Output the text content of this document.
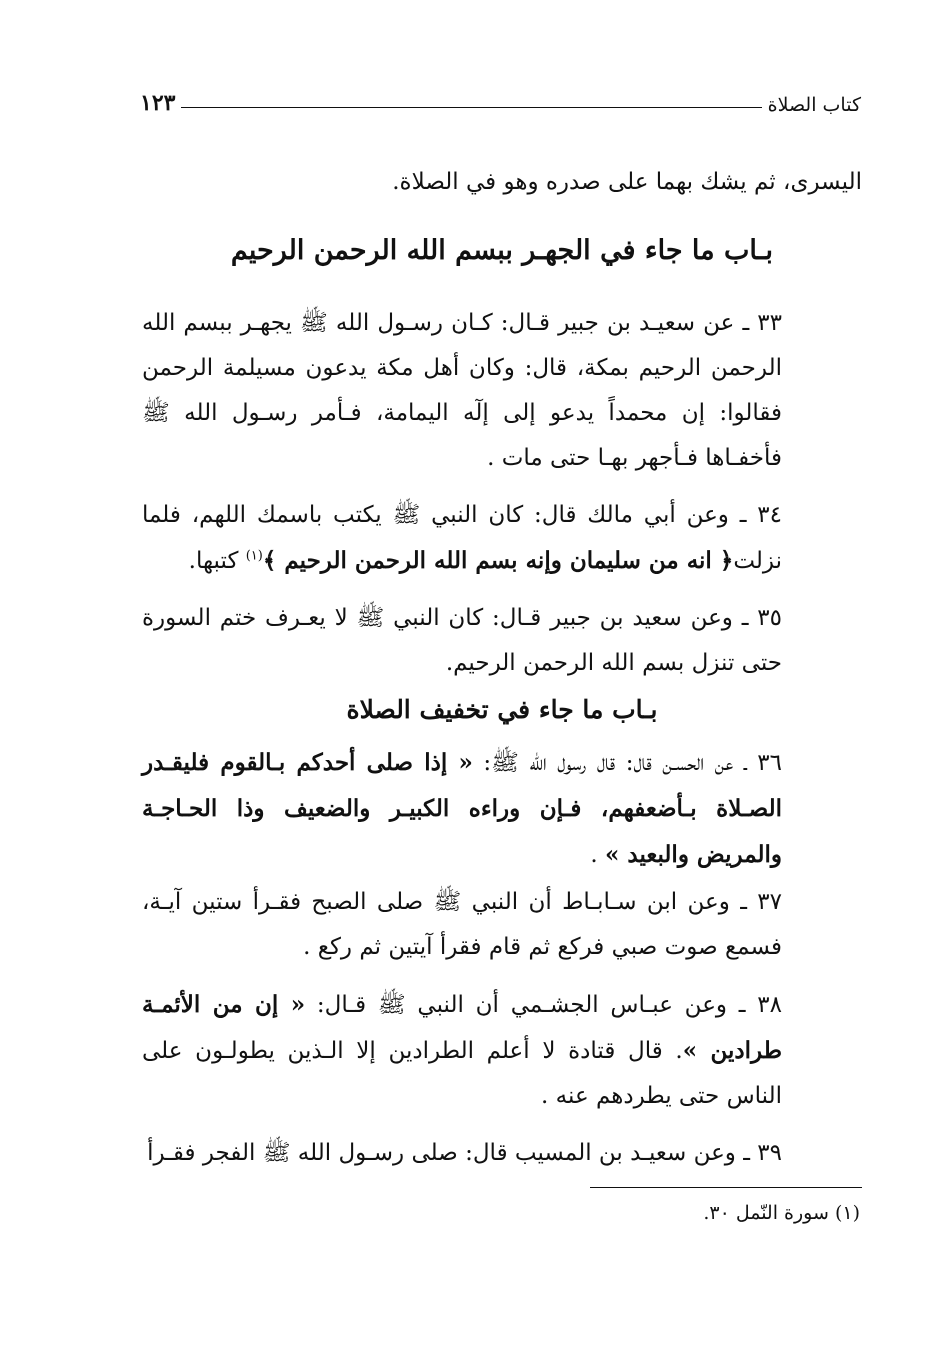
كتاب الصلاة
١٢٣

اليسرى، ثم يشك بهما على صدره وهو في الصلاة.

بـاب ما جاء في الجهـر ببسم الله الرحمن الرحيم

٣٣ ـ عن سعيـد بن جبير قـال: كـان رسـول الله ﷺ يجهـر ببسم الله الرحمن الرحيم بمكة، قال: وكان أهل مكة يدعون مسيلمة الرحمن فقالوا: إن محمداً يدعو إلى إلٓه اليمامة، فـأمر رسـول الله ﷺ فأخفـاها فـأجهر بهـا حتى مات .

٣٤ ـ وعن أبي مالك قال: كان النبي ﷺ يكتب باسمك اللهم، فلما نزلت﴿ انه من سليمان وإنه بسم الله الرحمن الرحيم ﴾$^{(١)}$ كتبها.

٣٥ ـ وعن سعيد بن جبير قـال: كان النبي ﷺ لا يعـرف ختم السورة حتى تنزل بسم الله الرحمن الرحيم.

بـاب ما جاء في تخفيف الصلاة

٣٦ ـ عن الحسـن قال: قال رسول الله ﷺ: « إذا صلى أحدكم بـالقوم فليقـدر الصـلاة بـأضعفهم، فـإن وراءه الكبيـر والضعيف وذا الحـاجـة والمريض والبعيد » .

٣٧ ـ وعن ابن سـابـاط أن النبي ﷺ صلى الصبح فقـرأ ستين آيـة، فسمع صوت صبي فركع ثم قام فقرأ آيتين ثم ركع .

٣٨ ـ وعن عبـاس الجشـمي أن النبي ﷺ قـال: « إن من الأئمـة طرادين ». قال قتادة لا أعلم الطرادين إلا الـذين يطولـون على الناس حتى يطردهم عنه .

٣٩ ـ وعن سعيـد بن المسيب قال: صلى رسـول الله ﷺ الفجر فقـرأ

(١) سورة النّمل ٣٠.
